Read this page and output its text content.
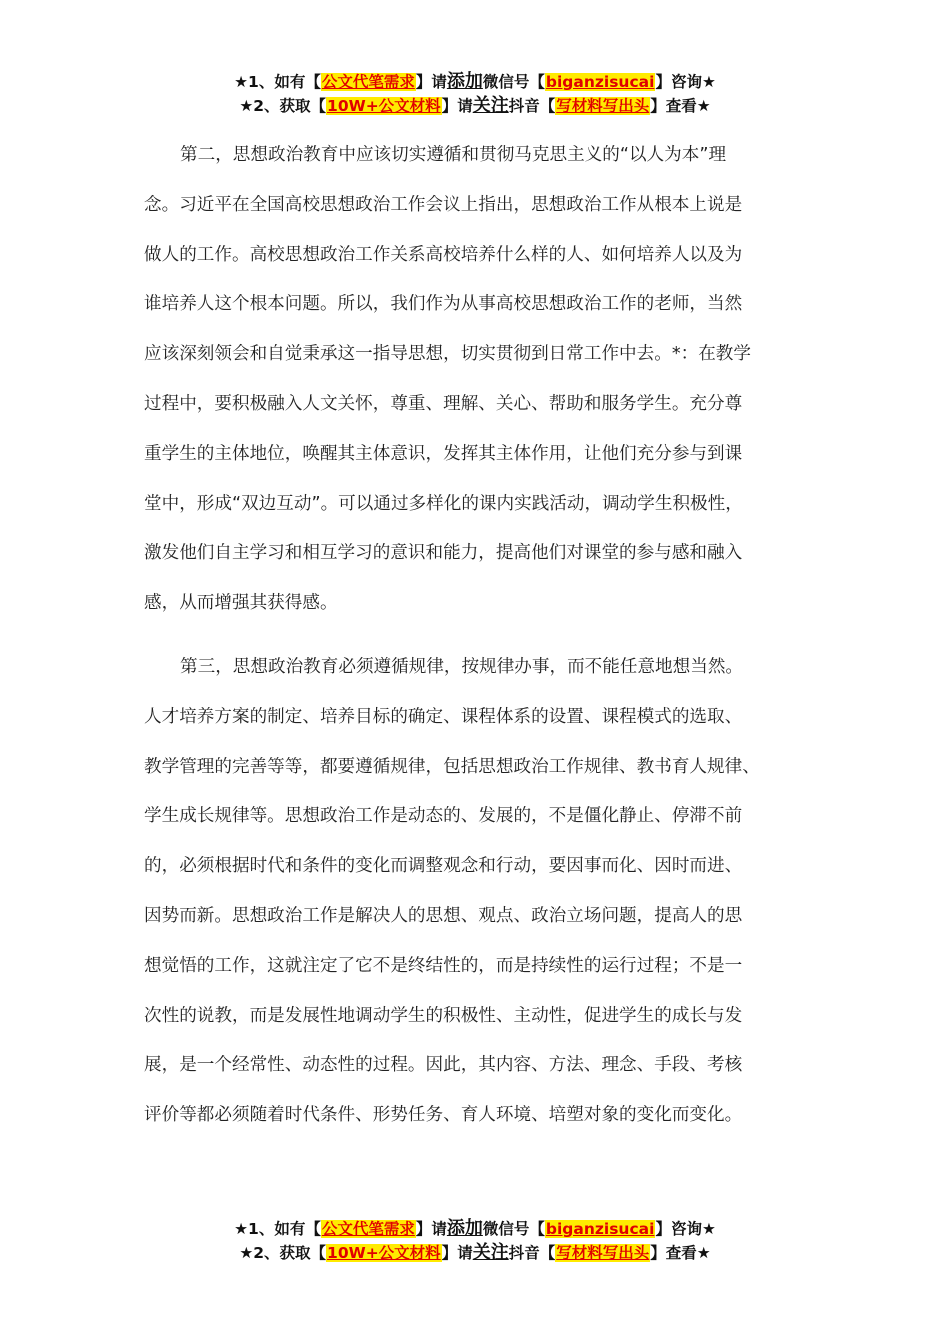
★1、如有【公文代笔需求】请添加微信号【biganzisucai】咨询★
★2、获取【10W+公文材料】请关注抖音【写材料写出头】查看★
第二，思想政治教育中应该切实遵循和贯彻马克思主义的“以人为本”理
念。习近平在全国高校思想政治工作会议上指出，思想政治工作从根本上说是
做人的工作。高校思想政治工作关系高校培养什么样的人、如何培养人以及为
谁培养人这个根本问题。所以，我们作为从事高校思想政治工作的老师，当然
应该深刻领会和自觉秉承这一指导思想，切实贯彻到日常工作中去。*：在教学
过程中，要积极融入人文关怀，尊重、理解、关心、帮助和服务学生。充分尊
重学生的主体地位，唤醒其主体意识，发挥其主体作用，让他们充分参与到课
堂中，形成“双边互动”。可以通过多样化的课内实践活动，调动学生积极性，
激发他们自主学习和相互学习的意识和能力，提高他们对课堂的参与感和融入
感，从而增强其获得感。
第三，思想政治教育必须遵循规律，按规律办事，而不能任意地想当然。
人才培养方案的制定、培养目标的确定、课程体系的设置、课程模式的选取、
教学管理的完善等等，都要遵循规律，包括思想政治工作规律、教书育人规律、
学生成长规律等。思想政治工作是动态的、发展的，不是僵化静止、停滞不前
的，必须根据时代和条件的变化而调整观念和行动，要因事而化、因时而进、
因势而新。思想政治工作是解决人的思想、观点、政治立场问题，提高人的思
想觉悟的工作，这就注定了它不是终结性的，而是持续性的运行过程；不是一
次性的说教，而是发展性地调动学生的积极性、主动性，促进学生的成长与发
展，是一个经常性、动态性的过程。因此，其内容、方法、理念、手段、考核
评价等都必须随着时代条件、形势任务、育人环境、培塑对象的变化而变化。
★1、如有【公文代笔需求】请添加微信号【biganzisucai】咨询★
★2、获取【10W+公文材料】请关注抖音【写材料写出头】查看★
